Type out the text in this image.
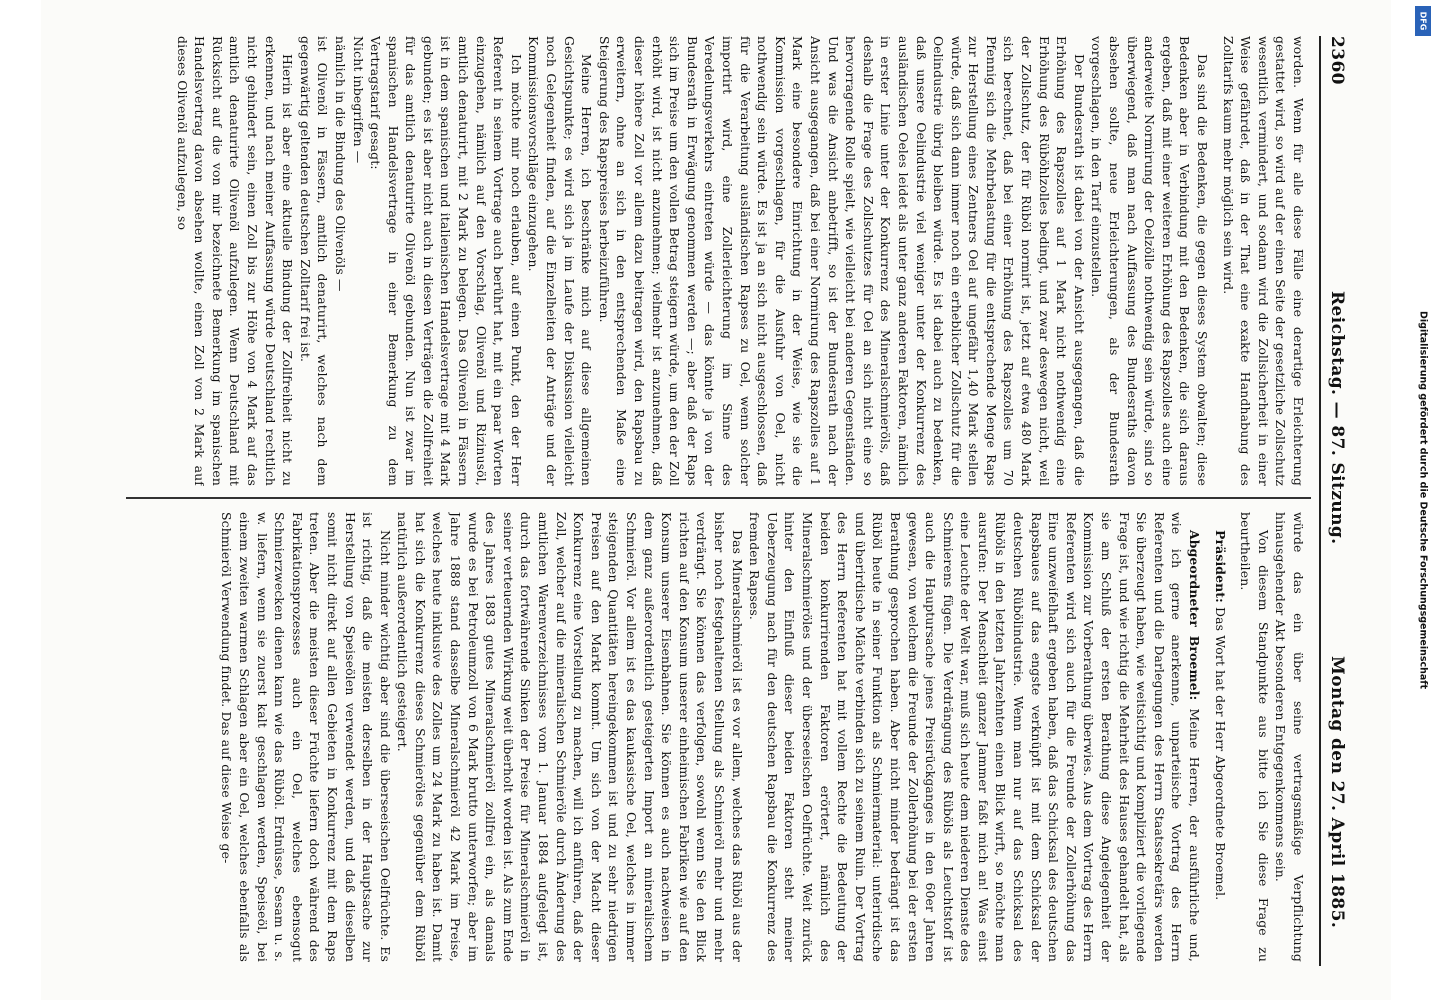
2360
Reichstag. — 87. Sitzung.
Montag den 27. April 1885.

worden. Wenn für alle diese Fälle eine derartige Erleichterung gestattet wird, so wird auf der einen Seite der gesetzliche Zollschutz wesentlich vermindert, und sodann wird die Zollsicherheit in einer Weise gefährdet, daß in der That eine exakte Handhabung des Zolltarifs kaum mehr möglich sein wird.

Das sind die Bedenken, die gegen dieses System obwalten; diese Bedenken aber in Verbindung mit den Bedenken, die sich daraus ergeben, daß mit einer weiteren Erhöhung des Rapszolles auch eine anderweite Normirung der Oelzölle nothwendig sein würde, sind so überwiegend, daß man nach Auffassung des Bundesraths davon absehen sollte, neue Erleichterungen, als der Bundesrath vorgeschlagen, in den Tarif einzustellen.

Der Bundesrath ist dabei von der Ansicht ausgegangen, daß die Erhöhung des Rapszolles auf 1 Mark nicht nothwendig eine Erhöhung des Rüböhlzolles bedingt, und zwar deswegen nicht, weil der Zollschutz, der für Rüböl normirt ist, jetzt auf etwa 480 Mark sich berechnet, daß bei einer Erhöhung des Rapszolles um 70 Pfennig sich die Mehrbelastung für die entsprechende Menge Raps zur Herstellung eines Zentners Oel auf ungefähr 1,40 Mark stellen würde, daß sich dann immer noch ein erheblicher Zollschutz für die Oelindustrie übrig bleiben würde. Es ist dabei auch zu bedenken, daß unsere Oelindustrie viel weniger unter der Konkurrenz des ausländischen Oeles leidet als unter ganz anderen Faktoren, nämlich in erster Linie unter der Konkurrenz des Mineralschmieröls, daß deshalb die Frage des Zollschutzes für Oel an sich nicht eine so hervorragende Rolle spielt, wie vielleicht bei anderen Gegenständen. Und was die Ansicht anbetrifft, so ist der Bundesrath nach der Ansicht ausgegangen, daß bei einer Normirung des Rapszolles auf 1 Mark eine besondere Einrichtung in der Weise, wie sie die Kommission vorgeschlagen, für die Ausfuhr von Oel, nicht nothwendig sein würde. Es ist ja an sich nicht ausgeschlossen, daß für die Verarbeitung ausländischen Rapses zu Oel, wenn solcher importirt wird, eine Zollerleichterung im Sinne des Veredelungsverkehrs eintreten würde — das könnte ja von der Bundesrath in Erwägung genommen werden —; aber daß der Raps sich im Preise um den vollen Betrag steigern würde, um den der Zoll erhöht wird, ist nicht anzunehmen; vielmehr ist anzunehmen, daß dieser höhere Zoll vor allem dazu beitragen wird, den Rapsbau zu erweitern, ohne an sich in den entsprechenden Maße eine Steigerung des Rapspreises herbeizuführen.

Meine Herren, ich beschränke mich auf diese allgemeinen Gesichtspunkte; es wird sich ja im Laufe der Diskussion vielleicht noch Gelegenheit finden, auf die Einzelheiten der Anträge und der Kommissionsvorschläge einzugehen.

Ich möchte mir noch erlauben, auf einen Punkt, den der Herr Referent in seinem Vortrage auch berührt hat, mit ein paar Worten einzugehen, nämlich auf den Vorschlag, Olivenöl und Rizinusöl, amtlich denaturirt, mit 2 Mark zu belegen. Das Olivenöl in Fässern ist in dem spanischen und italienischen Handelsvertrage mit 4 Mark gebunden; es ist aber nicht auch in diesen Verträgen die Zollfreiheit für das amtlich denaturirte Olivenöl gebunden. Nun ist zwar im spanischen Handelsvertrage in einer Bemerkung zu dem Vertragstarif gesagt:

Nicht inbegriffen —

nämlich in die Bindung des Olivenöls —

ist Olivenöl in Fässern, amtlich denaturirt, welches nach dem gegenwärtig geltenden deutschen Zolltarif frei ist.

Hierin ist aber eine aktuelle Bindung der Zollfreiheit nicht zu erkennen, und nach meiner Auffassung würde Deutschland rechtlich nicht gehindert sein, einen Zoll bis zur Höhe von 4 Mark auf das amtlich denaturirte Olivenöl aufzulegen. Wenn Deutschland mit Rücksicht auf die von mir bezeichnete Bemerkung im spanischen Handelsvertrag davon absehen wollte, einen Zoll von 2 Mark auf dieses Olivenöl aufzulegen, so

würde das ein über seine vertragsmäßige Verpflichtung hinausgehender Akt besonderen Entgegenkommens sein.

Von diesem Standpunkte aus bitte ich Sie diese Frage zu beurtheilen.

Präsident: Das Wort hat der Herr Abgeordnete Broemel.

Abgeordneter Broemel: Meine Herren, der ausführliche und, wie ich gerne anerkenne, unparteiische Vortrag des Herrn Referenten und die Darlegungen des Herrn Staatssekretärs werden Sie überzeugt haben, wie weitsichtig und kompliziert die vorliegende Frage ist, und wie richtig die Mehrheit des Hauses gehandelt hat, als sie am Schluß der ersten Berathung diese Angelegenheit der Kommission zur Vorberathung überwies. Aus dem Vortrag des Herrn Referenten wird sich auch für die Freunde der Zollerhöhung das Eine unzweifelhaft ergeben haben, daß das Schicksal des deutschen Rapsbaues auf das engste verknüpft ist mit dem Schicksal der deutschen Rübölindustrie. Wenn man nur auf das Schicksal des Rüböls in den letzten Jahrzehnten einen Blick wirft, so möchte man ausrufen: Der Menschheit ganzer Jammer faßt mich an! Was einst eine Leuchte der Welt war, muß sich heute dem niederen Dienste des Schmierens fügen. Die Verdrängung des Rüböls als Leuchtstoff ist auch die Hauptursache jenes Preisrückganges in den 60er Jahren gewesen, von welchem die Freunde der Zollerhöhung bei der ersten Berathung gesprochen haben. Aber nicht minder bedrängt ist das Rüböl heute in seiner Funktion als Schmiermaterial: unterirdische und überirdische Mächte verbinden sich zu seinem Ruin. Der Vortrag des Herrn Referenten hat mit vollem Rechte die Bedeutung der beiden konkurrirenden Faktoren erörtert, nämlich des Mineralschmieröles und der überseeischen Oelfrüchte. Weit zurück hinter den Einfluß dieser beiden Faktoren steht meiner Ueberzeugung nach für den deutschen Rapsbau die Konkurrenz des fremden Rapses.

Das Mineralschmieröl ist es vor allem, welches das Rüböl aus der bisher noch festgehaltenen Stellung als Schmieröl mehr und mehr verdrängt. Sie können das verfolgen, sowohl wenn Sie den Blick richten auf den Konsum unserer einheimischen Fabriken wie auf den Konsum unserer Eisenbahnen. Sie können es auch nachweisen in dem ganz außerordentlich gesteigerten Import an mineralischem Schmieröl. Vor allem ist es das kaukasische Oel, welches in immer steigenden Quantitäten hereingekommen ist und zu sehr niedrigen Preisen auf den Markt kommt. Um sich von der Macht dieser Konkurrenz eine Vorstellung zu machen, will ich anführen, daß der Zoll, welcher auf die mineralischen Schmieröle durch Änderung des amtlichen Warenverzeichnisses vom 1. Januar 1884 aufgelegt ist, durch das fortwährende Sinken der Preise für Mineralschmieröl in seiner verteuernden Wirkung weit überholt worden ist. Als zum Ende des Jahres 1883 gutes Mineralschmieröl zollfrei ein, als damals wurde es bei Petroleumzoll von 6 Mark brutto unterworfen; aber im Jahre 1888 stand dasselbe Mineralschmieröl 42 Mark im Preise, welches heute inklusive des Zolles um 24 Mark zu haben ist. Damit hat sich die Konkurrenz dieses Schmieröles gegenüber dem Rüböl natürlich außerordentlich gesteigert.

Nicht minder wichtig aber sind die überseeischen Oelfrüchte. Es ist richtig, daß die meisten derselben in der Hauptsache zur Herstellung von Speiseölen verwendet werden, und daß dieselben somit nicht direkt auf allen Gebieten in Konkurrenz mit dem Raps treten. Aber die meisten dieser Früchte liefern doch während des Fabrikationsprozesses auch ein Oel, welches ebensogut Schmierzwecken dienen kann wie das Rüböl. Erdnüsse, Sesam u. s. w. liefern, wenn sie zuerst kalt geschlagen werden, Speiseöl, bei einem zweiten warmen Schlagen aber ein Oel, welches ebenfalls als Schmieröl Verwendung findet. Das auf diese Weise ge-

DFG
Digitalisierung gefördert durch die Deutsche Forschungsgemeinschaft
